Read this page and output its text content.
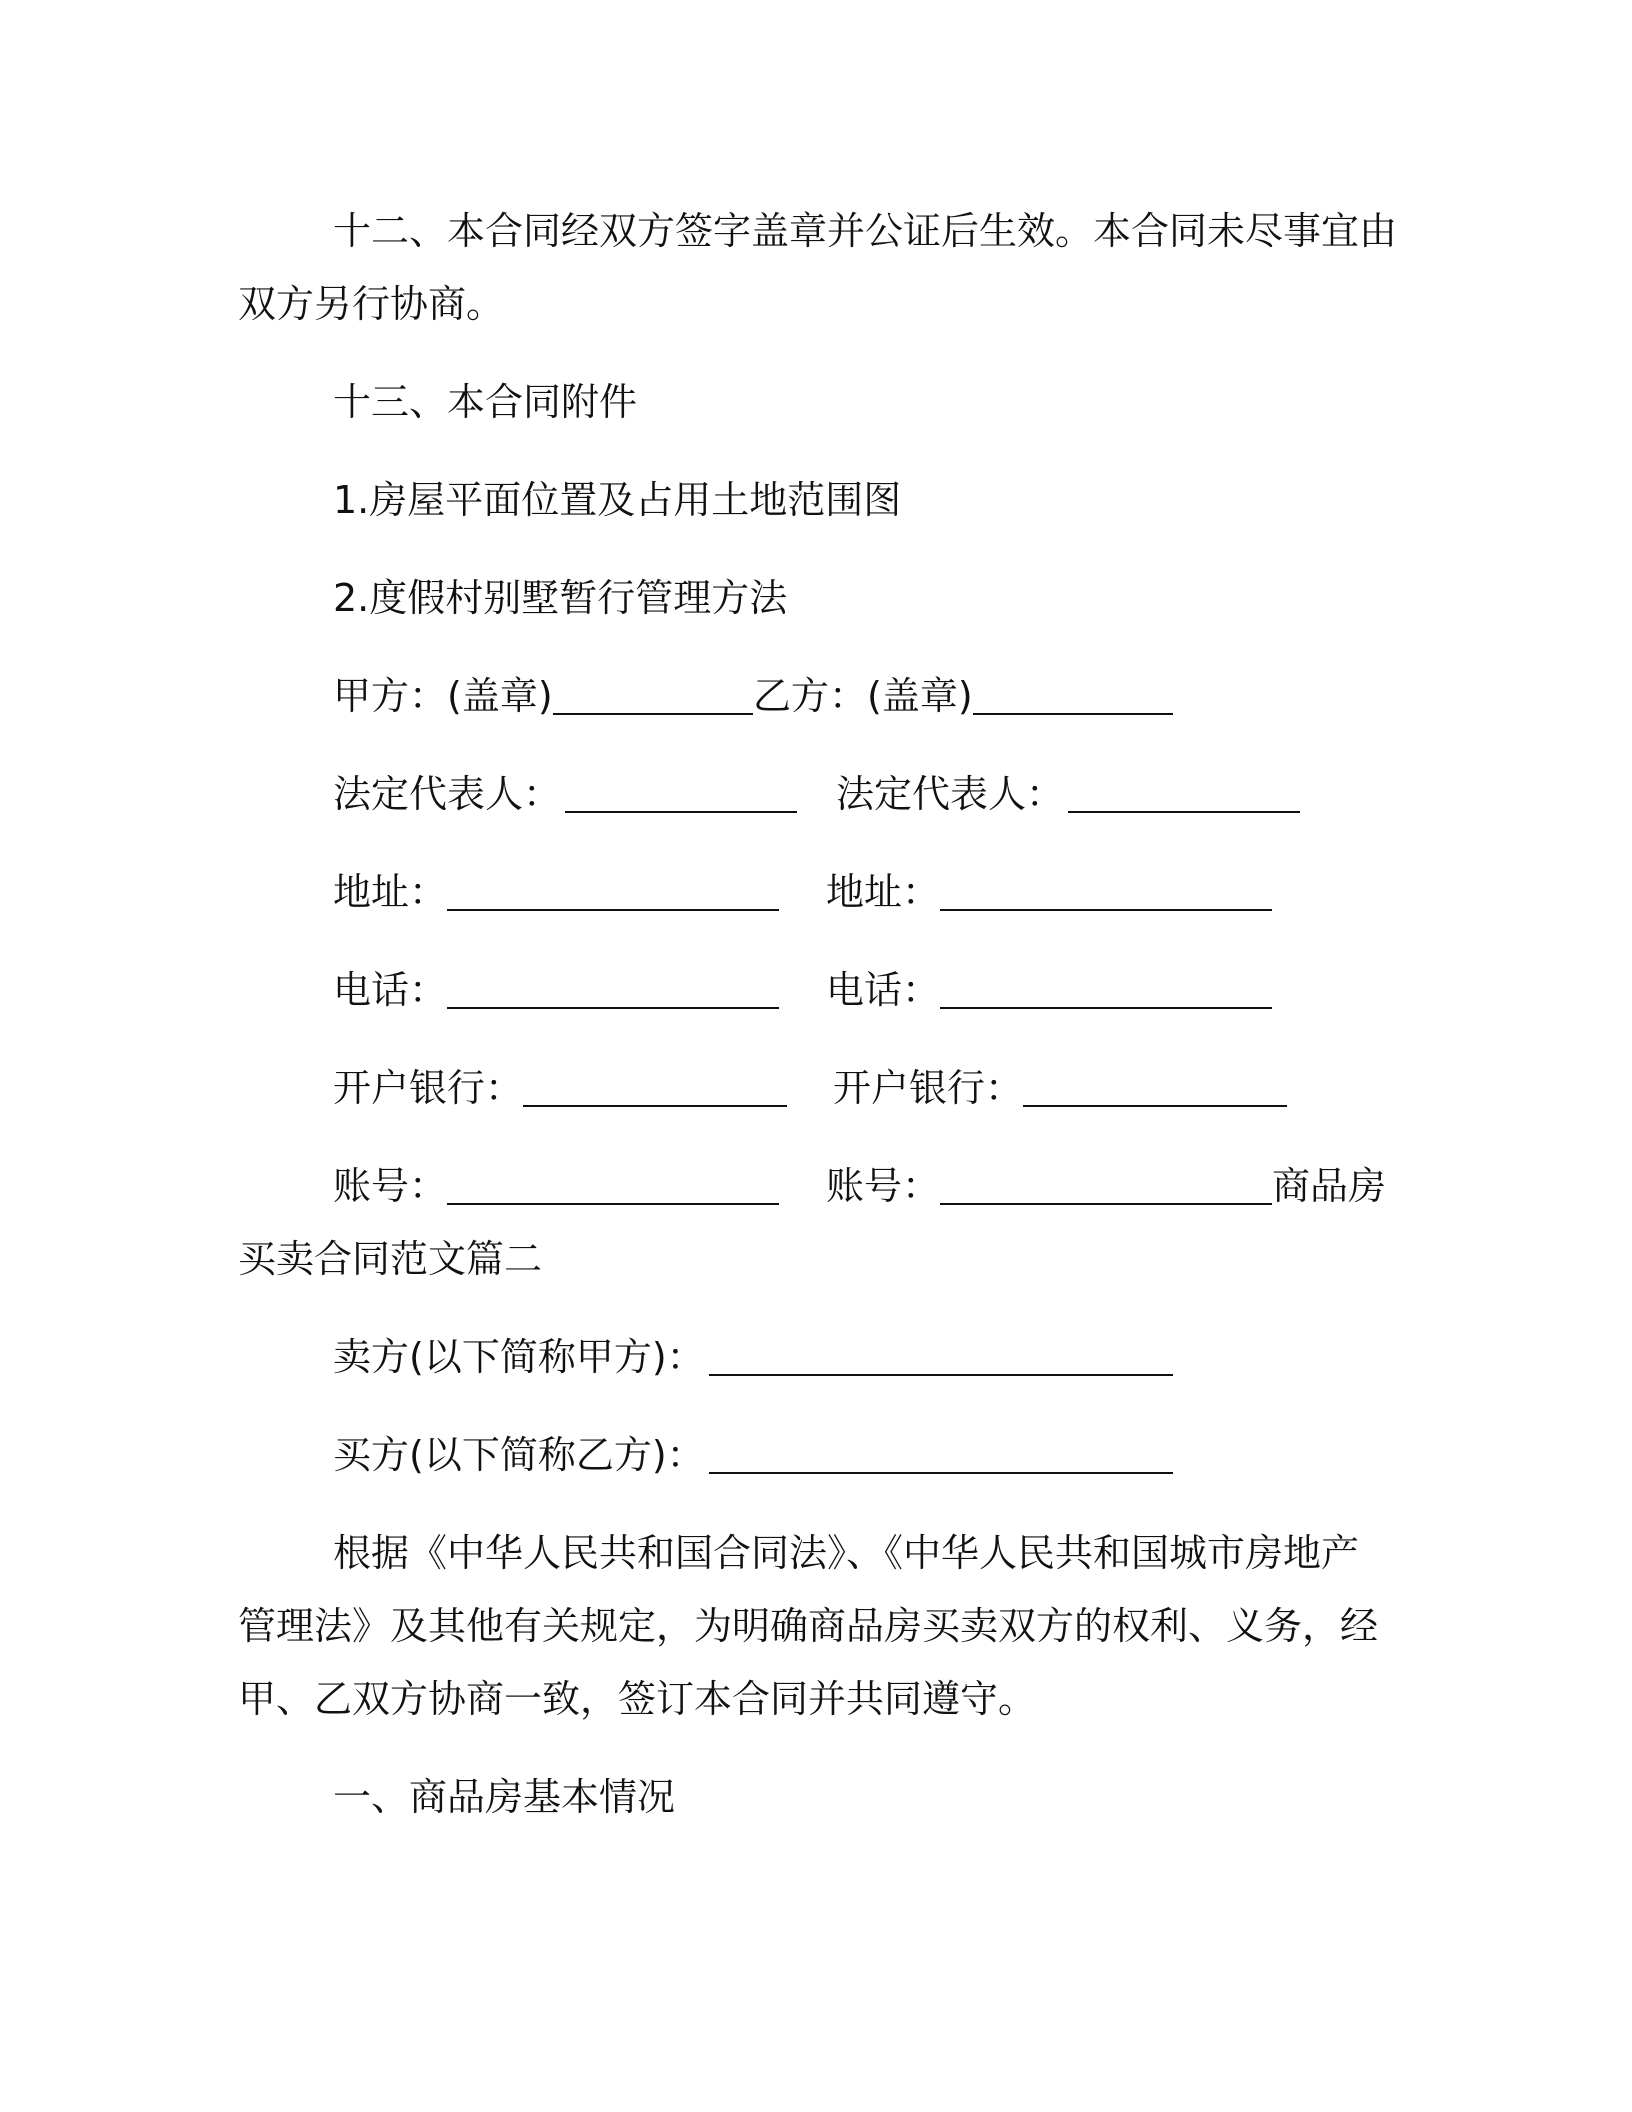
十二、本合同经双方签字盖章并公证后生效。本合同未尽事宜由
双方另行协商。
十三、本合同附件
1.房屋平面位置及占用土地范围图
2.度假村别墅暂行管理方法
甲方：(盖章)	乙方：(盖章)
法定代表人：	法定代表人：
地址：	地址：
电话：	电话：
开户银行：	开户银行：
账号：	账号：	商品房
买卖合同范文篇二
卖方(以下简称甲方)：
买方(以下简称乙方)：
根据《中华人民共和国合同法》、《中华人民共和国城市房地产
管理法》及其他有关规定，为明确商品房买卖双方的权利、义务，经
甲、乙双方协商一致，签订本合同并共同遵守。
一、商品房基本情况
